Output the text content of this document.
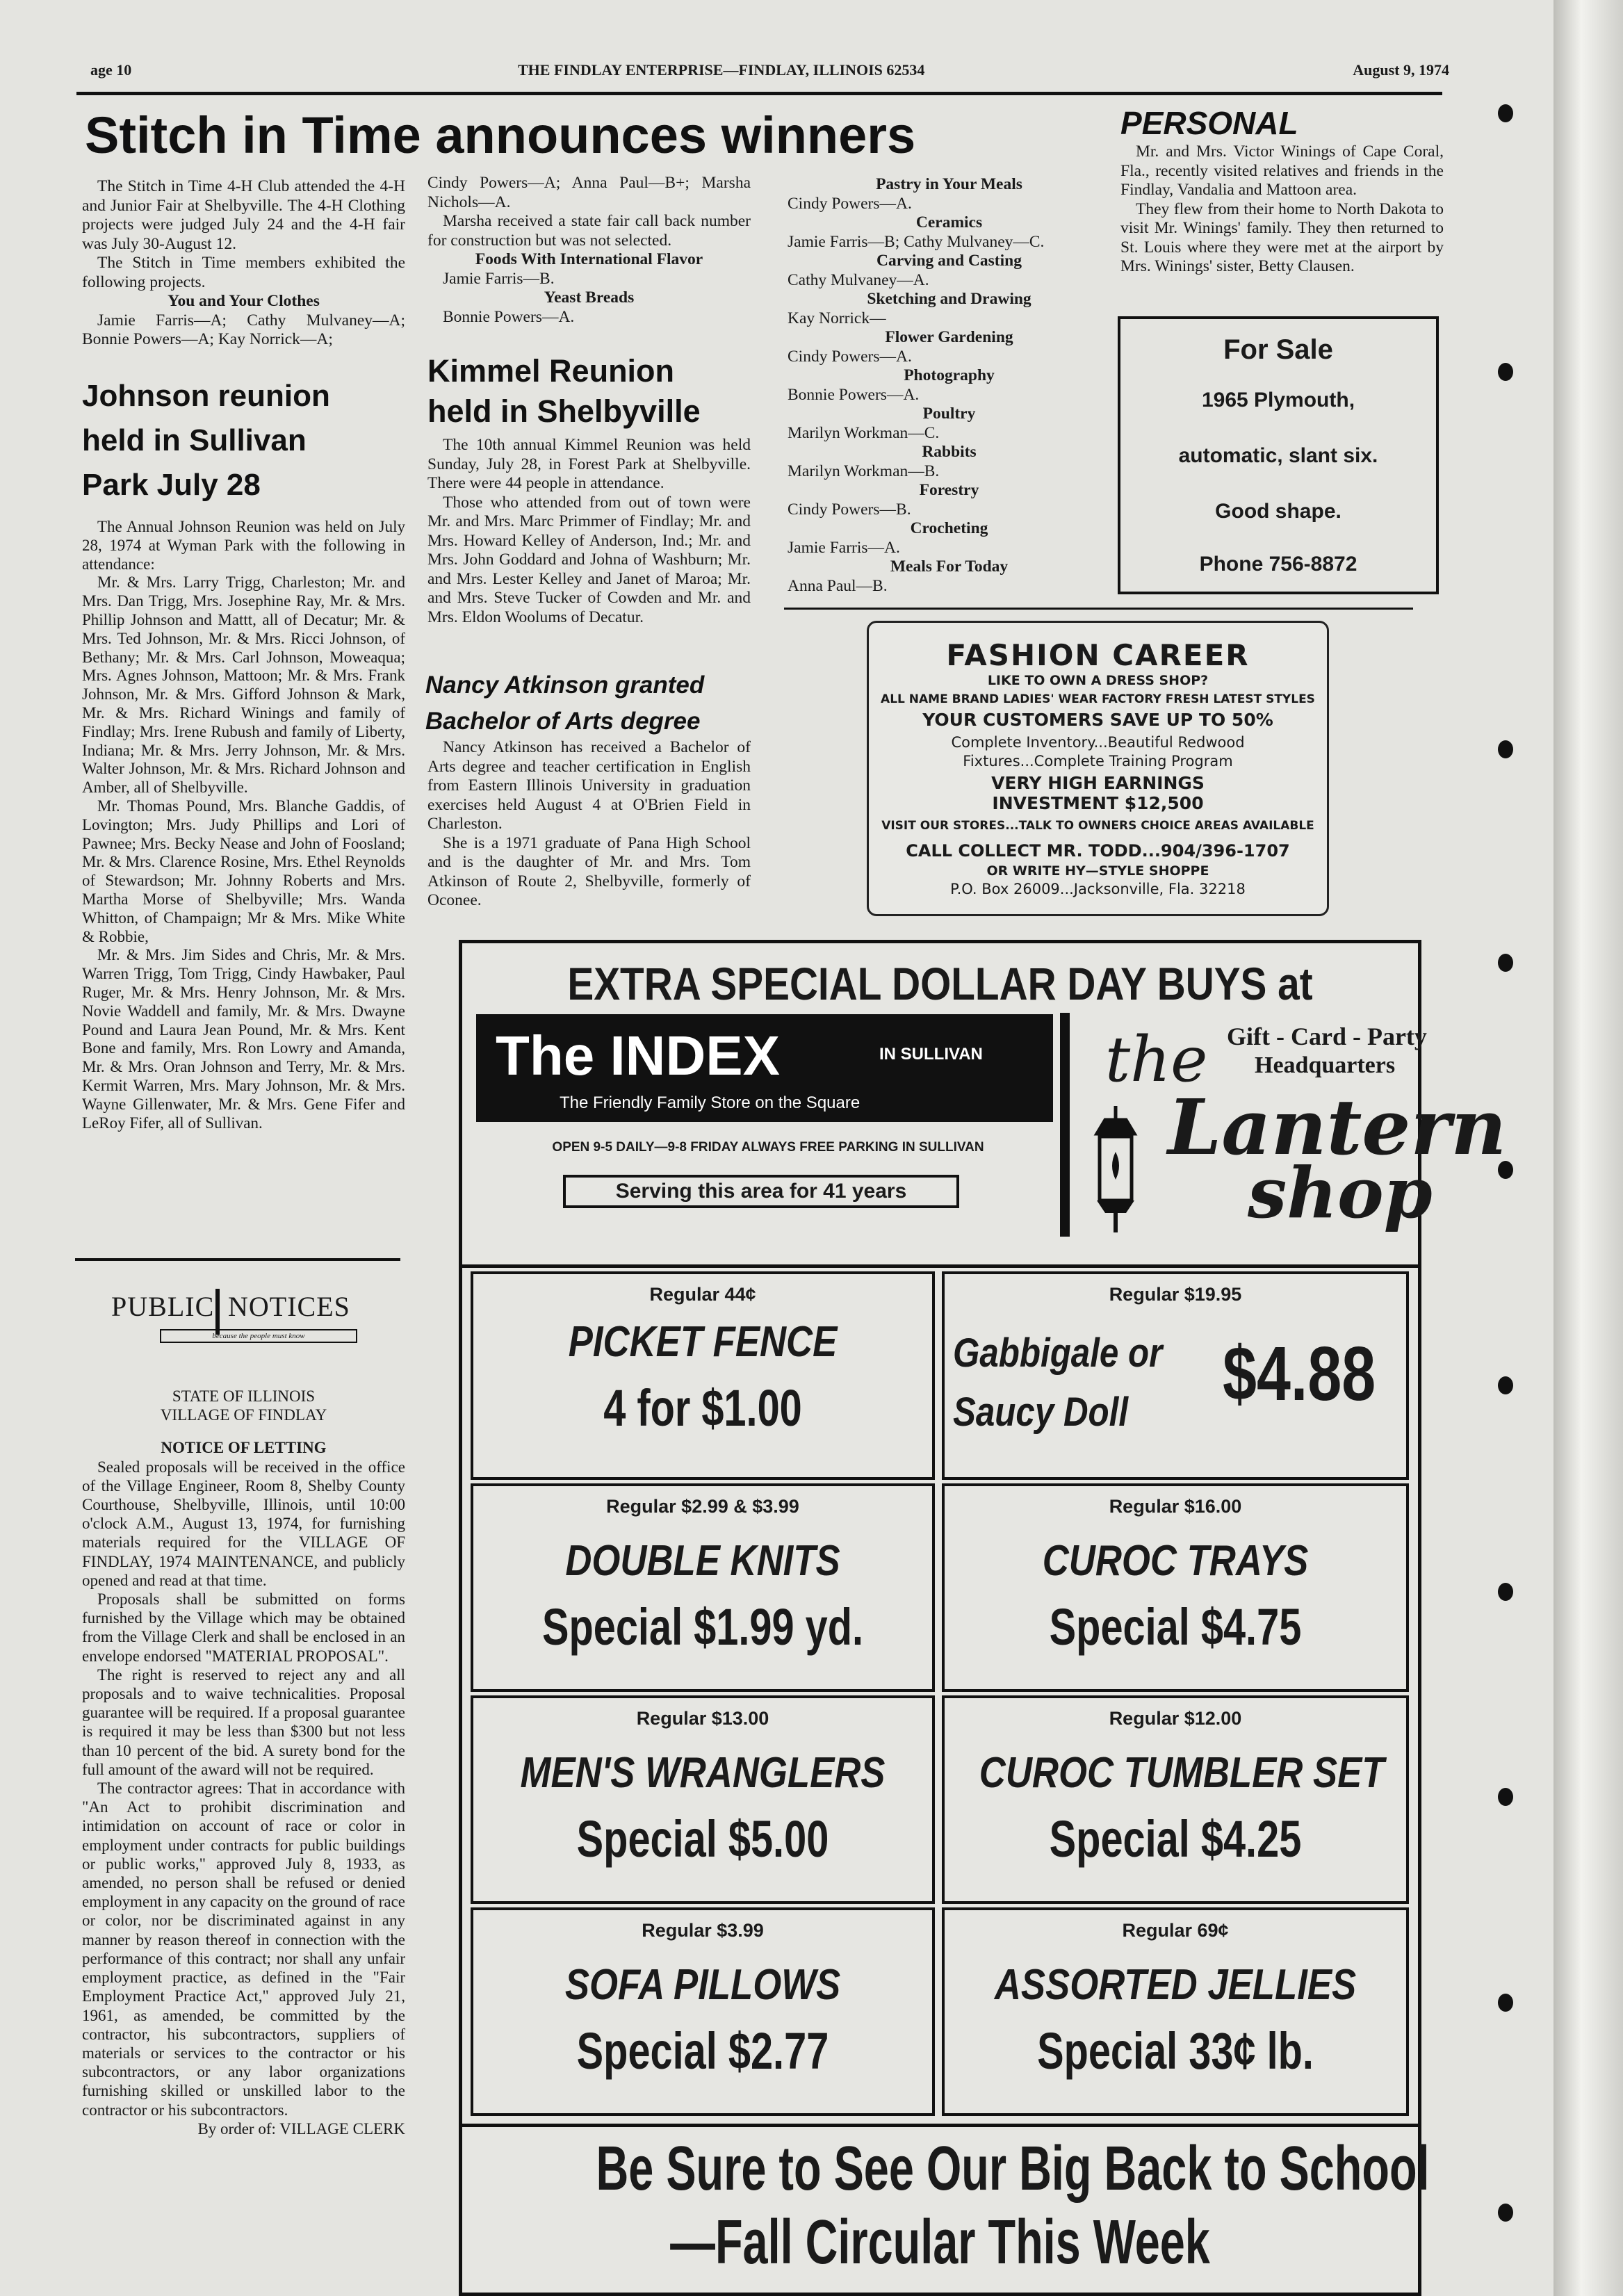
age 10	THE FINDLAY ENTERPRISE—FINDLAY, ILLINOIS 62534	August 9, 1974
Stitch in Time announces winners

The Stitch in Time 4-H Club attended the 4-H and Junior Fair at Shelbyville. The 4-H Clothing projects were judged July 24 and the 4-H fair was July 30-August 12.

The Stitch in Time members exhibited the following projects.

You and Your Clothes

Jamie Farris—A; Cathy Mulvaney—A; Bonnie Powers—A; Kay Norrick—A;

Cindy Powers—A; Anna Paul—B+; Marsha Nichols—A.

Marsha received a state fair call back number for construction but was not selected.

Foods With International Flavor

Jamie Farris—B.

Yeast Breads

Bonnie Powers—A.

Pastry in Your Meals
Cindy Powers—A.
Ceramics
Jamie Farris—B; Cathy Mulvaney—C.
Carving and Casting
Cathy Mulvaney—A.
Sketching and Drawing
Kay Norrick—
Flower Gardening
Cindy Powers—A.
Photography
Bonnie Powers—A.
Poultry
Marilyn Workman—C.
Rabbits
Marilyn Workman—B.
Forestry
Cindy Powers—B.
Crocheting
Jamie Farris—A.
Meals For Today
Anna Paul—B.
Johnson reunion
held in Sullivan
Park July 28

The Annual Johnson Reunion was held on July 28, 1974 at Wyman Park with the following in attendance:

Mr. & Mrs. Larry Trigg, Charleston; Mr. and Mrs. Dan Trigg, Mrs. Josephine Ray, Mr. & Mrs. Phillip Johnson and Mattt, all of Decatur; Mr. & Mrs. Ted Johnson, Mr. & Mrs. Ricci Johnson, of Bethany; Mr. & Mrs. Carl Johnson, Moweaqua; Mrs. Agnes Johnson, Mattoon; Mr. & Mrs. Frank Johnson, Mr. & Mrs. Gifford Johnson & Mark, Mr. & Mrs. Richard Winings and family of Findlay; Mrs. Irene Rubush and family of Liberty, Indiana; Mr. & Mrs. Jerry Johnson, Mr. & Mrs. Walter Johnson, Mr. & Mrs. Richard Johnson and Amber, all of Shelbyville.

Mr. Thomas Pound, Mrs. Blanche Gaddis, of Lovington; Mrs. Judy Phillips and Lori of Pawnee; Mrs. Becky Nease and John of Foosland; Mr. & Mrs. Clarence Rosine, Mrs. Ethel Reynolds of Stewardson; Mr. Johnny Roberts and Mrs. Martha Morse of Shelbyville; Mrs. Wanda Whitton, of Champaign; Mr & Mrs. Mike White & Robbie,

Mr. & Mrs. Jim Sides and Chris, Mr. & Mrs. Warren Trigg, Tom Trigg, Cindy Hawbaker, Paul Ruger, Mr. & Mrs. Henry Johnson, Mr. & Mrs. Novie Waddell and family, Mr. & Mrs. Dwayne Pound and Laura Jean Pound, Mr. & Mrs. Kent Bone and family, Mrs. Ron Lowry and Amanda, Mr. & Mrs. Oran Johnson and Terry, Mr. & Mrs. Kermit Warren, Mrs. Mary Johnson, Mr. & Mrs. Wayne Gillenwater, Mr. & Mrs. Gene Fifer and LeRoy Fifer, all of Sullivan.

Kimmel Reunion
held in Shelbyville

The 10th annual Kimmel Reunion was held Sunday, July 28, in Forest Park at Shelbyville. There were 44 people in attendance.

Those who attended from out of town were Mr. and Mrs. Marc Primmer of Findlay; Mr. and Mrs. Howard Kelley of Anderson, Ind.; Mr. and Mrs. John Goddard and Johna of Washburn; Mr. and Mrs. Lester Kelley and Janet of Maroa; Mr. and Mrs. Steve Tucker of Cowden and Mr. and Mrs. Eldon Woolums of Decatur.

Nancy Atkinson granted
Bachelor of Arts degree

Nancy Atkinson has received a Bachelor of Arts degree and teacher certification in English from Eastern Illinois University in graduation exercises held August 4 at O'Brien Field in Charleston.

She is a 1971 graduate of Pana High School and is the daughter of Mr. and Mrs. Tom Atkinson of Route 2, Shelbyville, formerly of Oconee.

PERSONAL

Mr. and Mrs. Victor Winings of Cape Coral, Fla., recently visited relatives and friends in the Findlay, Vandalia and Mattoon area.

They flew from their home to North Dakota to visit Mr. Winings' family. They then returned to St. Louis where they were met at the airport by Mrs. Winings' sister, Betty Clausen.

For Sale
1965 Plymouth,
automatic, slant six.
Good shape.
Phone 756-8872
FASHION CAREER
LIKE TO OWN A DRESS SHOP?
ALL NAME BRAND LADIES' WEAR FACTORY FRESH LATEST STYLES
YOUR CUSTOMERS SAVE UP TO 50%
Complete Inventory...Beautiful Redwood
Fixtures...Complete Training Program
VERY HIGH EARNINGS
INVESTMENT $12,500
VISIT OUR STORES...TALK TO OWNERS CHOICE AREAS AVAILABLE
CALL COLLECT MR. TODD...904/396-1707
OR WRITE HY—STYLE SHOPPE
P.O. Box 26009...Jacksonville, Fla. 32218
PUBLIC NOTICES
because the people must know
STATE OF ILLINOIS
VILLAGE OF FINDLAY
NOTICE OF LETTING

Sealed proposals will be received in the office of the Village Engineer, Room 8, Shelby County Courthouse, Shelbyville, Illinois, until 10:00 o'clock A.M., August 13, 1974, for furnishing materials required for the VILLAGE OF FINDLAY, 1974 MAINTENANCE, and publicly opened and read at that time.

Proposals shall be submitted on forms furnished by the Village which may be obtained from the Village Clerk and shall be enclosed in an envelope endorsed "MATERIAL PROPOSAL".

The right is reserved to reject any and all proposals and to waive technicalities. Proposal guarantee will be required. If a proposal guarantee is required it may be less than $300 but not less than 10 percent of the bid. A surety bond for the full amount of the award will not be required.

The contractor agrees: That in accordance with "An Act to prohibit discrimination and intimidation on account of race or color in employment under contracts for public buildings or public works," approved July 8, 1933, as amended, no person shall be refused or denied employment in any capacity on the ground of race or color, nor be discriminated against in any manner by reason thereof in connection with the performance of this contract; nor shall any unfair employment practice, as defined in the "Fair Employment Practice Act," approved July 21, 1961, as amended, be committed by the contractor, his subcontractors, suppliers of materials or services to the contractor or his subcontractors, or any labor organizations furnishing skilled or unskilled labor to the contractor or his subcontractors.

By order of: VILLAGE CLERK
EXTRA SPECIAL DOLLAR DAY BUYS at
The INDEX	IN SULLIVAN
The Friendly Family Store on the Square
OPEN 9-5 DAILY—9-8 FRIDAY ALWAYS FREE PARKING IN SULLIVAN
Serving this area for 41 years
the Gift - Card - Party
Headquarters
Lantern
shop
Regular 44¢
PICKET FENCE
4 for $1.00
Regular $19.95
Gabbigale or
Saucy Doll $4.88
Regular $2.99 & $3.99
DOUBLE KNITS
Special $1.99 yd.
Regular $16.00
CUROC TRAYS
Special $4.75
Regular $13.00
MEN'S WRANGLERS
Special $5.00
Regular $12.00
CUROC TUMBLER SET
Special $4.25
Regular $3.99
SOFA PILLOWS
Special $2.77
Regular 69¢
ASSORTED JELLIES
Special 33¢ lb.
Be Sure to See Our Big Back to School
—Fall Circular This Week
